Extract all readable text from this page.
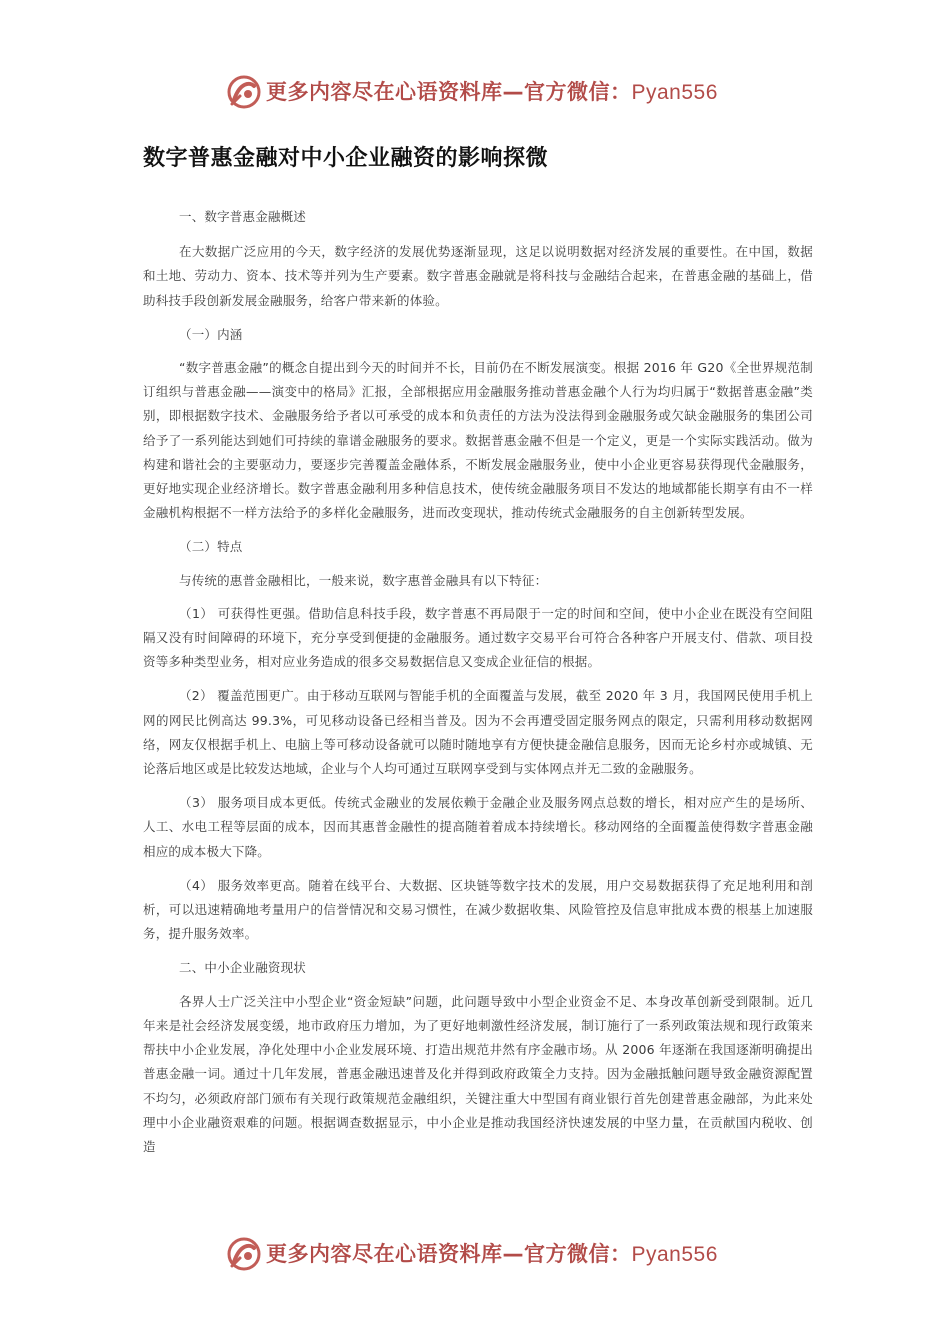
更多内容尽在心语资料库—官方微信：Pyan556
数字普惠金融对中小企业融资的影响探微

一、数字普惠金融概述

在大数据广泛应用的今天，数字经济的发展优势逐渐显现，这足以说明数据对经济发展的重要性。在中国，数据和土地、劳动力、资本、技术等并列为生产要素。数字普惠金融就是将科技与金融结合起来，在普惠金融的基础上，借助科技手段创新发展金融服务，给客户带来新的体验。

（一）内涵

“数字普惠金融”的概念自提出到今天的时间并不长，目前仍在不断发展演变。根据 2016 年 G20《全世界规范制订组织与普惠金融——演变中的格局》汇报，全部根据应用金融服务推动普惠金融个人行为均归属于“数据普惠金融”类别，即根据数字技术、金融服务给予者以可承受的成本和负责任的方法为没法得到金融服务或欠缺金融服务的集团公司给予了一系列能达到她们可持续的靠谱金融服务的要求。数据普惠金融不但是一个定义，更是一个实际实践活动。做为构建和谐社会的主要驱动力，要逐步完善覆盖金融体系，不断发展金融服务业，使中小企业更容易获得现代金融服务，更好地实现企业经济增长。数字普惠金融利用多种信息技术，使传统金融服务项目不发达的地域都能长期享有由不一样金融机构根据不一样方法给予的多样化金融服务，进而改变现状，推动传统式金融服务的自主创新转型发展。

（二）特点

与传统的惠普金融相比，一般来说，数字惠普金融具有以下特征：

（1） 可获得性更强。借助信息科技手段，数字普惠不再局限于一定的时间和空间，使中小企业在既没有空间阻隔又没有时间障碍的环境下，充分享受到便捷的金融服务。通过数字交易平台可符合各种客户开展支付、借款、项目投资等多种类型业务，相对应业务造成的很多交易数据信息又变成企业征信的根据。

（2） 覆盖范围更广。由于移动互联网与智能手机的全面覆盖与发展，截至 2020 年 3 月，我国网民使用手机上网的网民比例高达 99.3%，可见移动设备已经相当普及。因为不会再遭受固定服务网点的限定，只需利用移动数据网络，网友仅根据手机上、电脑上等可移动设备就可以随时随地享有方便快捷金融信息服务，因而无论乡村亦或城镇、无论落后地区或是比较发达地域，企业与个人均可通过互联网享受到与实体网点并无二致的金融服务。

（3） 服务项目成本更低。传统式金融业的发展依赖于金融企业及服务网点总数的增长，相对应产生的是场所、人工、水电工程等层面的成本，因而其惠普金融性的提高随着着成本持续增长。移动网络的全面覆盖使得数字普惠金融相应的成本极大下降。

（4） 服务效率更高。随着在线平台、大数据、区块链等数字技术的发展，用户交易数据获得了充足地利用和剖析，可以迅速精确地考量用户的信誉情况和交易习惯性，在减少数据收集、风险管控及信息审批成本费的根基上加速服务，提升服务效率。

二、中小企业融资现状

各界人士广泛关注中小型企业“资金短缺”问题，此问题导致中小型企业资金不足、本身改革创新受到限制。近几年来是社会经济发展变缓，地市政府压力增加，为了更好地刺激性经济发展，制订施行了一系列政策法规和现行政策来帮扶中小企业发展，净化处理中小企业发展环境、打造出规范井然有序金融市场。从 2006 年逐渐在我国逐渐明确提出普惠金融一词。通过十几年发展，普惠金融迅速普及化并得到政府政策全力支持。因为金融抵触问题导致金融资源配置不均匀，必须政府部门颁布有关现行政策规范金融组织，关键注重大中型国有商业银行首先创建普惠金融部，为此来处理中小企业融资艰难的问题。根据调查数据显示，中小企业是推动我国经济快速发展的中坚力量，在贡献国内税收、创造

更多内容尽在心语资料库—官方微信：Pyan556
